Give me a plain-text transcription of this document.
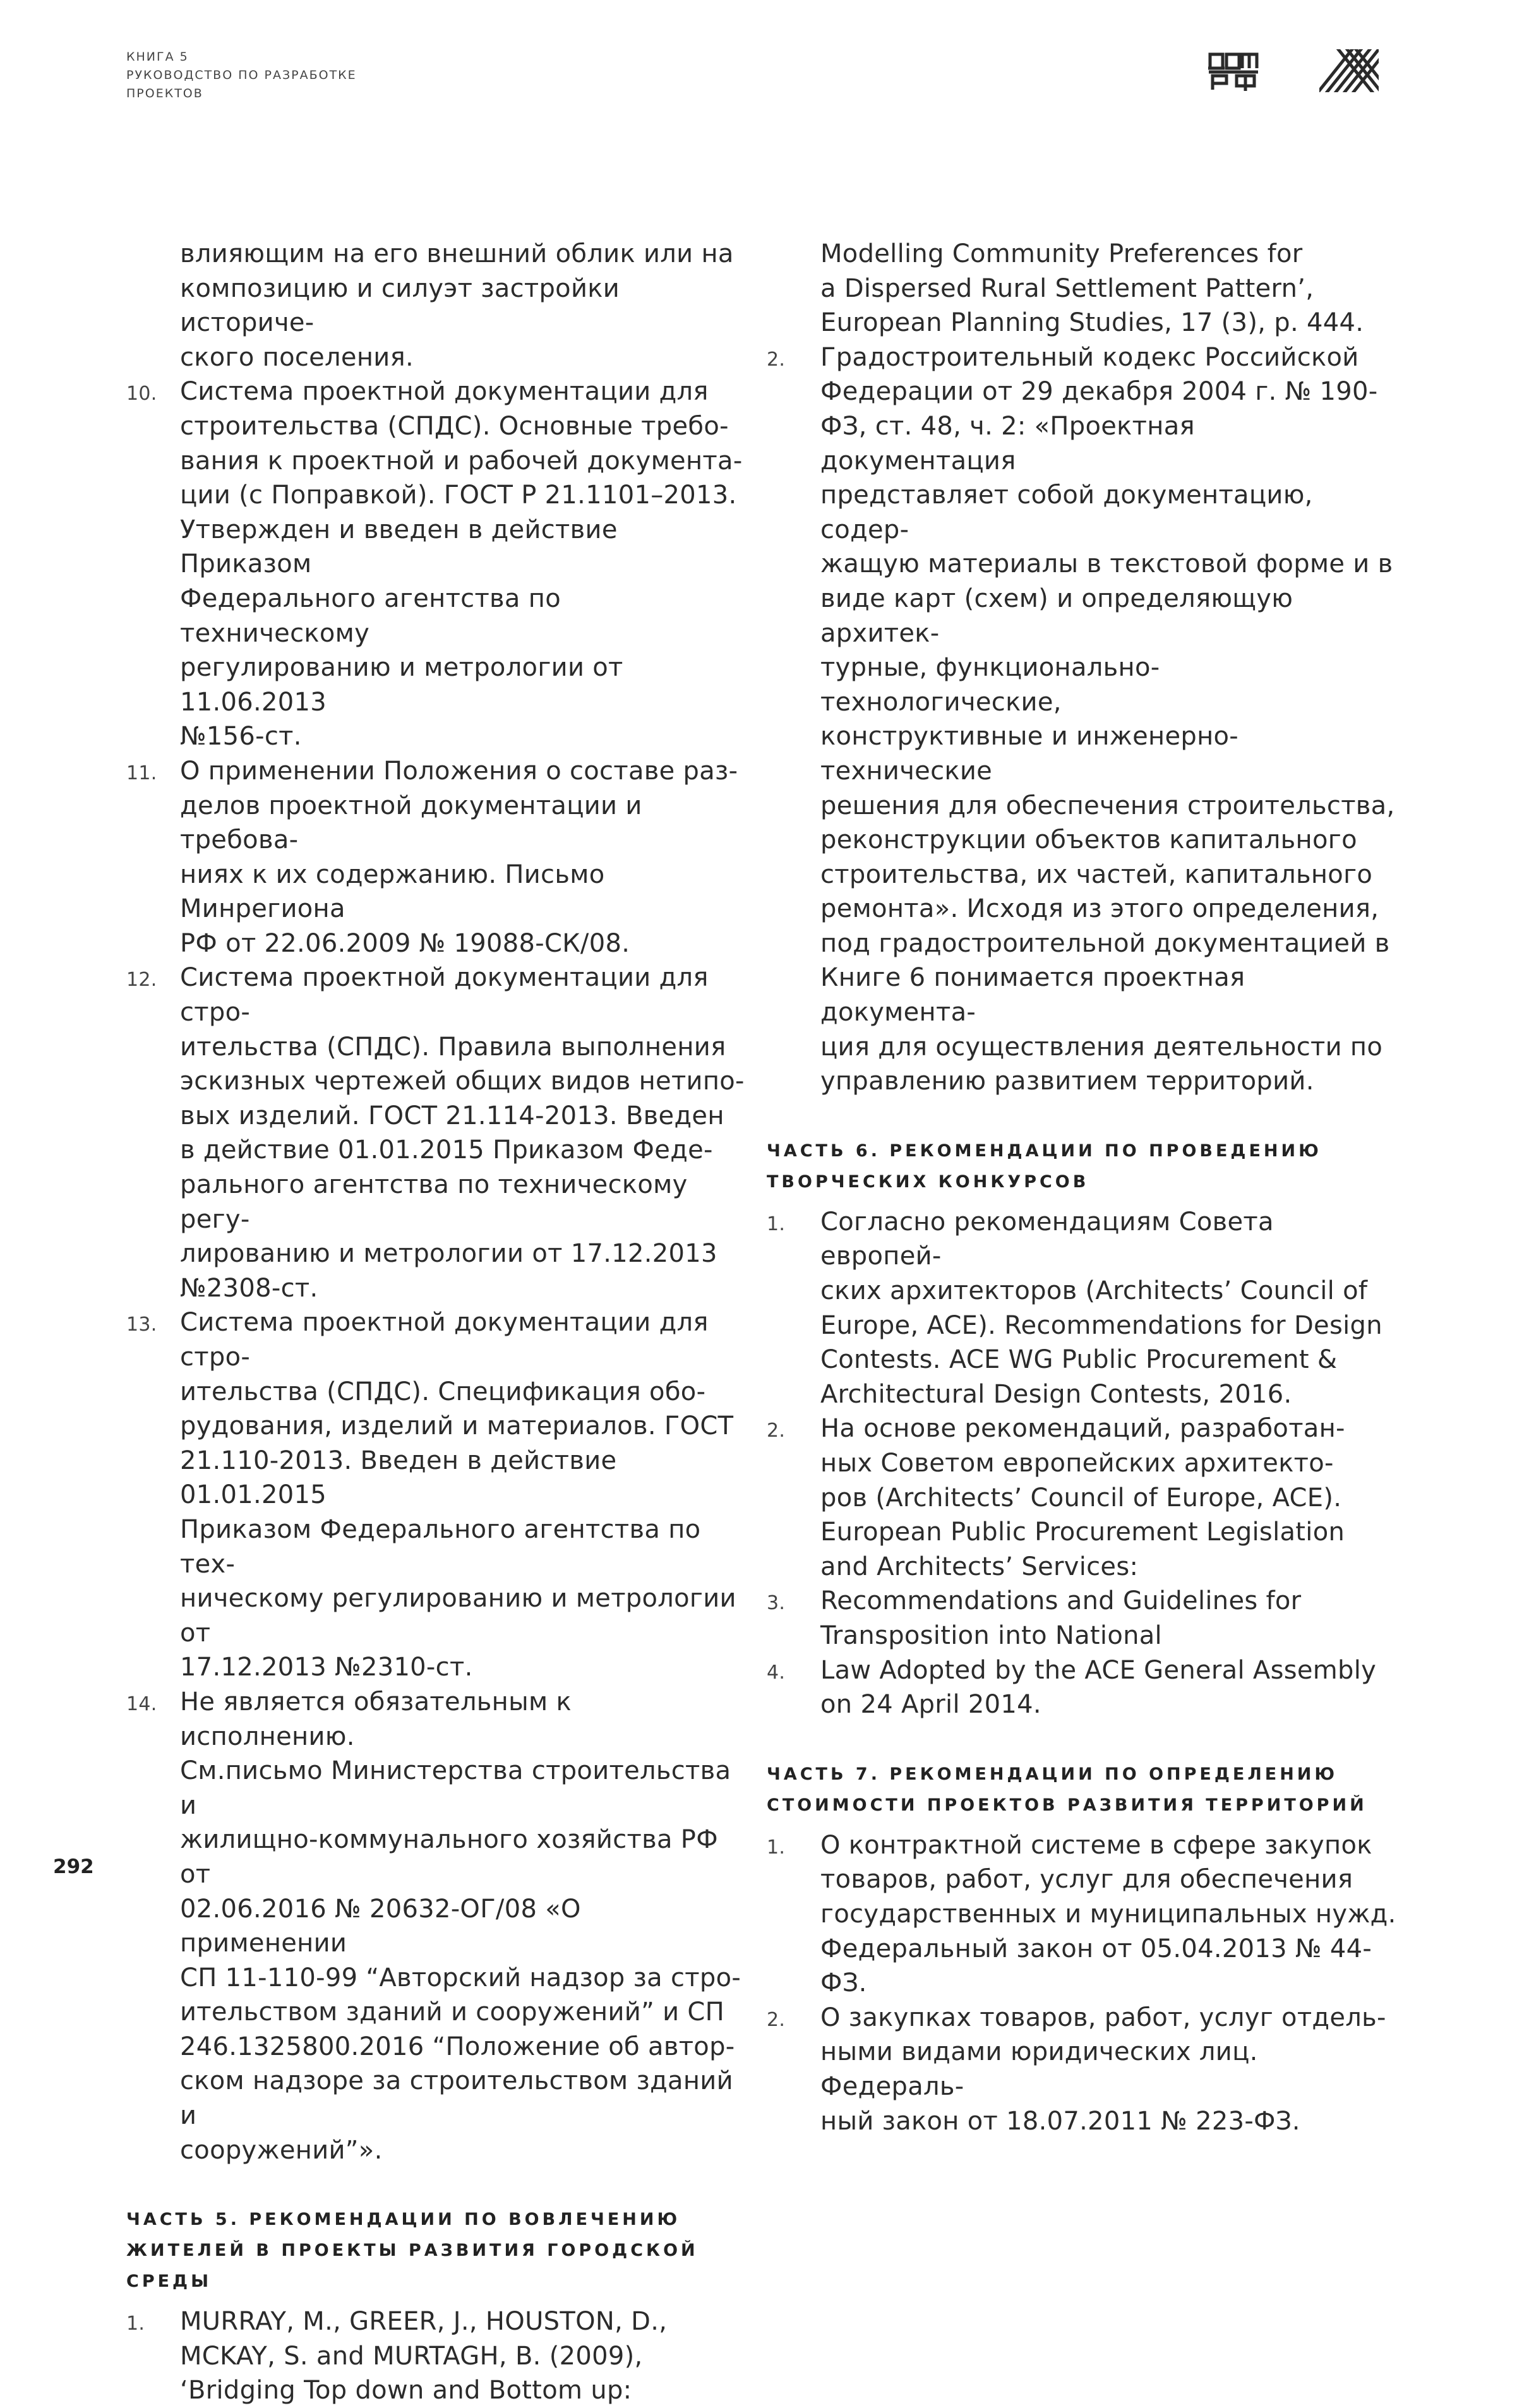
КНИГА 5
РУКОВОДСТВО ПО РАЗРАБОТКЕ
ПРОЕКТОВ

влияющим на его внешний облик или на
композицию и силуэт застройки историче-
ского поселения.

10. Система проектной документации для
строительства (СПДС). Основные требо-
вания к проектной и рабочей документа-
ции (с Поправкой). ГОСТ Р 21.1101–2013.
Утвержден и введен в действие Приказом
Федерального агентства по техническому
регулированию и метрологии от 11.06.2013
№156-ст.
11. О применении Положения о составе раз-
делов проектной документации и требова-
ниях к их содержанию. Письмо Минрегиона
РФ от 22.06.2009 № 19088-СК/08.
12. Система проектной документации для стро-
ительства (СПДС). Правила выполнения
эскизных чертежей общих видов нетипо-
вых изделий. ГОСТ 21.114-2013. Введен
в действие 01.01.2015 Приказом Феде-
рального агентства по техническому регу-
лированию и метрологии от 17.12.2013
№2308-ст.
13. Система проектной документации для стро-
ительства (СПДС). Спецификация обо-
рудования, изделий и материалов. ГОСТ
21.110-2013. Введен в действие 01.01.2015
Приказом Федерального агентства по тех-
ническому регулированию и метрологии от
17.12.2013 №2310-ст.
14. Не является обязательным к исполнению.
См.письмо Министерства строительства и
жилищно-коммунального хозяйства РФ от
02.06.2016 № 20632-ОГ/08 «О применении
СП 11-110-99 “Авторский надзор за стро-
ительством зданий и сооружений” и СП
246.1325800.2016 “Положение об автор-
ском надзоре за строительством зданий и
сооружений”».
ЧАСТЬ 5. РЕКОМЕНДАЦИИ ПО ВОВЛЕЧЕНИЮ
ЖИТЕЛЕЙ В ПРОЕКТЫ РАЗВИТИЯ ГОРОДСКОЙ
СРЕДЫ
1. MURRAY, M., GREER, J., HOUSTON, D.,
MCKAY, S. and MURTAGH, B. (2009),
‘Bridging Top down and Bottom up:

Modelling Community Preferences for
a Dispersed Rural Settlement Pattern’,
European Planning Studies, 17 (3), p. 444.

2. Градостроительный кодекс Российской
Федерации от 29 декабря 2004 г. № 190-
ФЗ, ст. 48, ч. 2: «Проектная документация
представляет собой документацию, содер-
жащую материалы в текстовой форме и в
виде карт (схем) и определяющую архитек-
турные, функционально-технологические,
конструктивные и инженерно-технические
решения для обеспечения строительства,
реконструкции объектов капитального
строительства, их частей, капитального
ремонта». Исходя из этого определения,
под градостроительной документацией в
Книге 6 понимается проектная документа-
ция для осуществления деятельности по
управлению развитием территорий.
ЧАСТЬ 6. РЕКОМЕНДАЦИИ ПО ПРОВЕДЕНИЮ
ТВОРЧЕСКИХ КОНКУРСОВ
1. Согласно рекомендациям Совета европей-
ских архитекторов (Architects’ Council of
Europe, ACE). Recommendations for Design
Contests. ACE WG Public Procurement &
Architectural Design Contests, 2016.
2. На основе рекомендаций, разработан-
ных Советом европейских архитекто-
ров (Architects’ Council of Europe, ACE).
European Public Procurement Legislation
and Architects’ Services:
3. Recommendations and Guidelines for
Transposition into National
4. Law Adopted by the ACE General Assembly
on 24 April 2014.
ЧАСТЬ 7. РЕКОМЕНДАЦИИ ПО ОПРЕДЕЛЕНИЮ
СТОИМОСТИ ПРОЕКТОВ РАЗВИТИЯ ТЕРРИТОРИЙ
1. О контрактной системе в сфере закупок
товаров, работ, услуг для обеспечения
государственных и муниципальных нужд.
Федеральный закон от 05.04.2013 № 44-ФЗ.
2. О закупках товаров, работ, услуг отдель-
ными видами юридических лиц. Федераль-
ный закон от 18.07.2011 № 223-ФЗ.
292
